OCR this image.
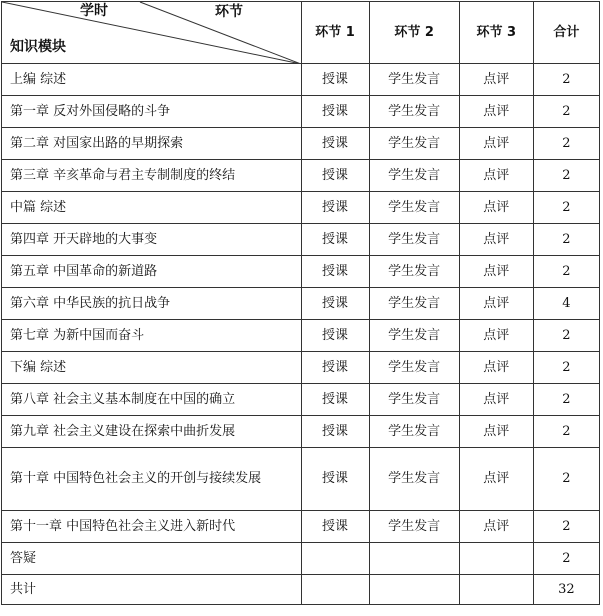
学时 环节
知识模块	环节 1	环节 2	环节 3	合计
上编 综述	授课	学生发言	点评	2
第一章 反对外国侵略的斗争	授课	学生发言	点评	2
第二章 对国家出路的早期探索	授课	学生发言	点评	2
第三章 辛亥革命与君主专制制度的终结	授课	学生发言	点评	2
中篇 综述	授课	学生发言	点评	2
第四章 开天辟地的大事变	授课	学生发言	点评	2
第五章 中国革命的新道路	授课	学生发言	点评	2
第六章 中华民族的抗日战争	授课	学生发言	点评	4
第七章 为新中国而奋斗	授课	学生发言	点评	2
下编 综述	授课	学生发言	点评	2
第八章 社会主义基本制度在中国的确立	授课	学生发言	点评	2
第九章 社会主义建设在探索中曲折发展	授课	学生发言	点评	2
第十章 中国特色社会主义的开创与接续发展	授课	学生发言	点评	2
第十一章 中国特色社会主义进入新时代	授课	学生发言	点评	2
答疑				2
共计				32
